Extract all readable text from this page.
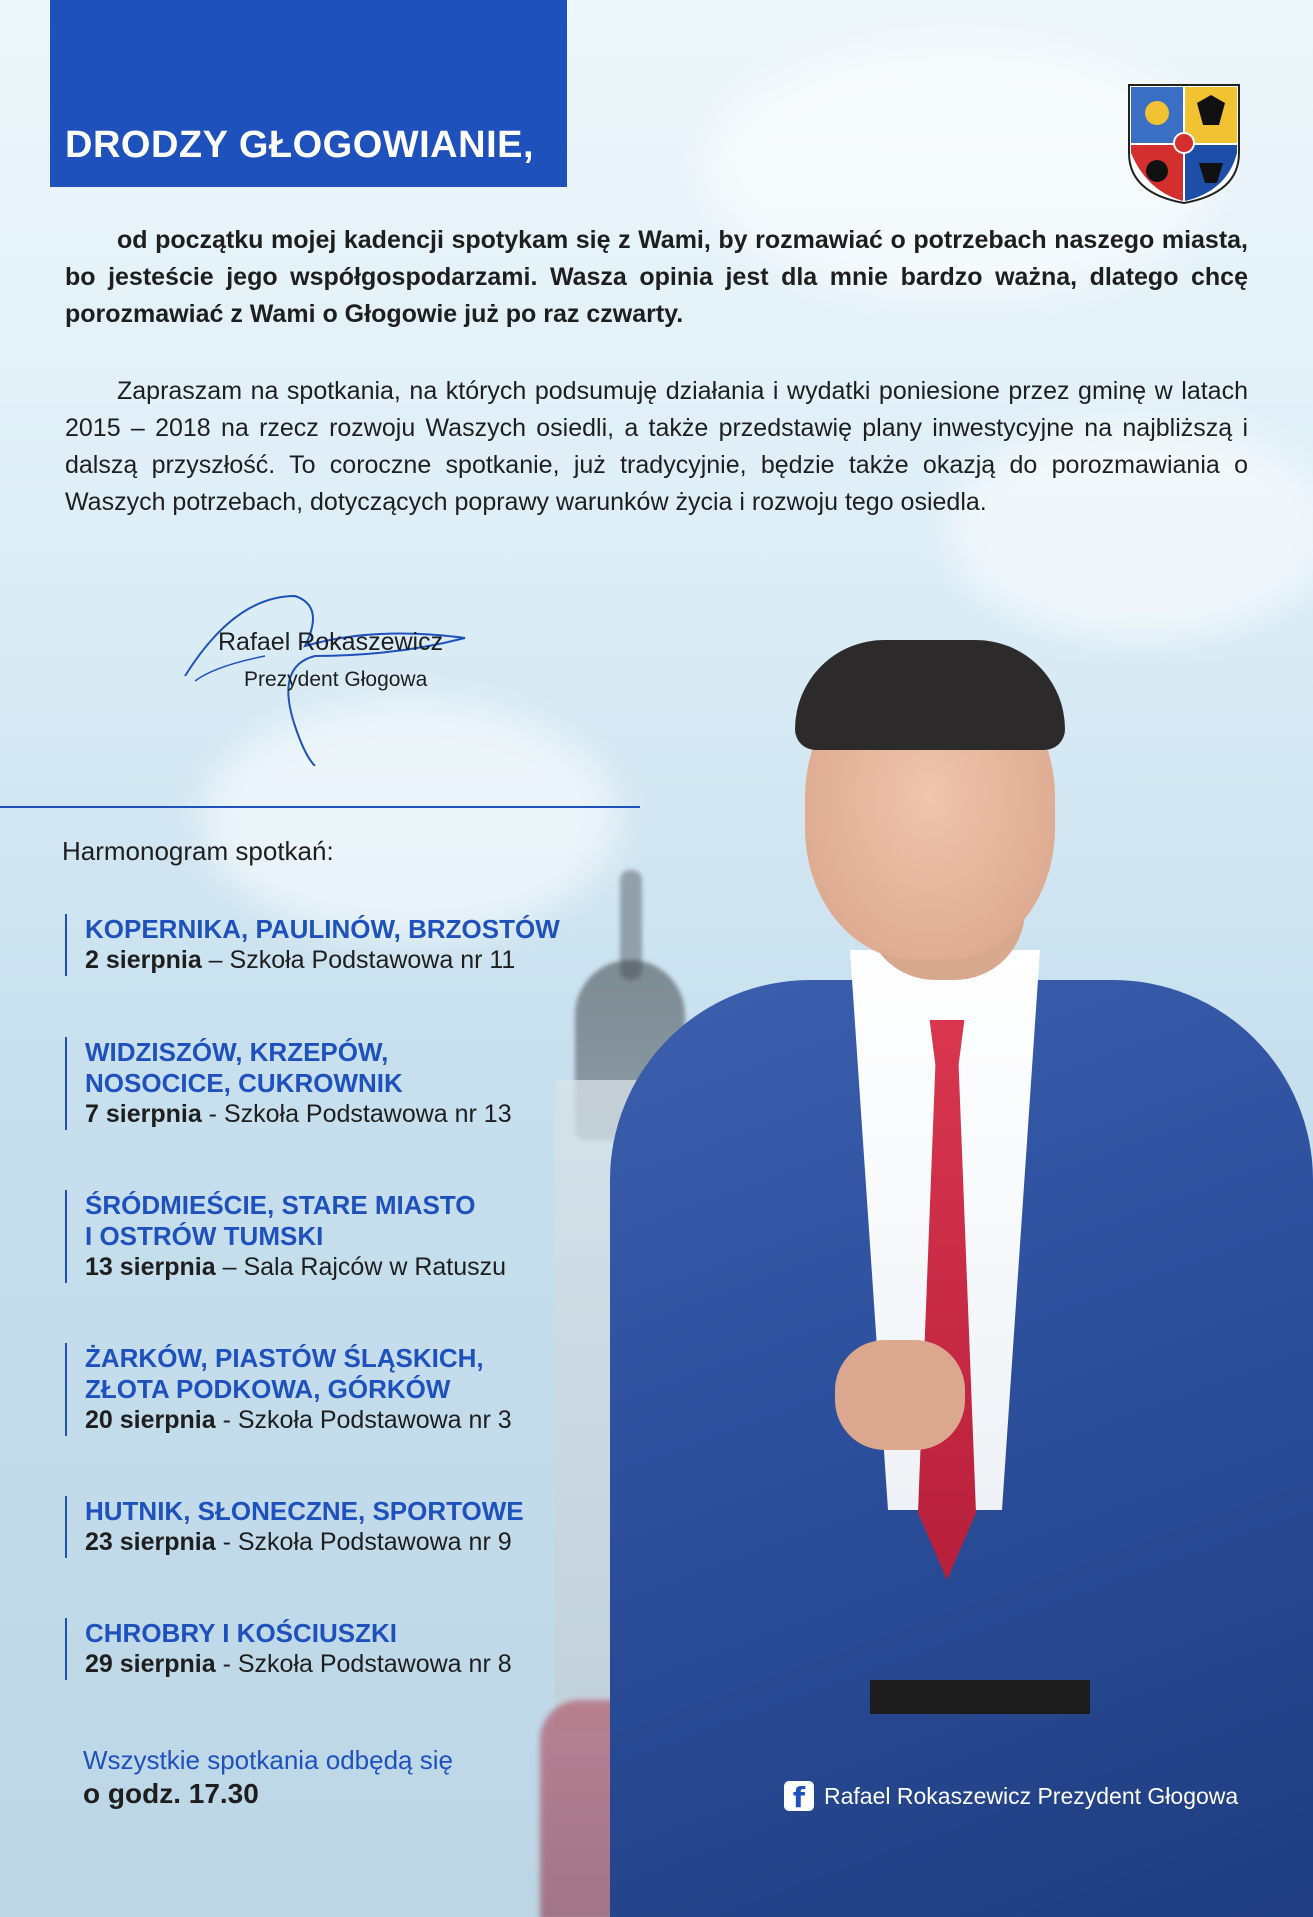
DRODZY GŁOGOWIANIE,

od początku mojej kadencji spotykam się z Wami, by rozmawiać o potrzebach naszego miasta, bo jesteście jego współgospodarzami. Wasza opinia jest dla mnie bardzo ważna, dlatego chcę porozmawiać z Wami o Głogowie już po raz czwarty.

Zapraszam na spotkania, na których podsumuję działania i wydatki poniesione przez gminę w latach 2015 – 2018 na rzecz rozwoju Waszych osiedli, a także przedstawię plany inwestycyjne na najbliższą i dalszą przyszłość. To coroczne spotkanie, już tradycyjnie, będzie także okazją do porozmawiania o Waszych potrzebach, dotyczących poprawy warunków życia i rozwoju tego osiedla.

Rafael Rokaszewicz
Prezydent Głogowa
Harmonogram spotkań:
KOPERNIKA, PAULINÓW, BRZOSTÓW
2 sierpnia – Szkoła Podstawowa nr 11
WIDZISZÓW, KRZEPÓW,
NOSOCICE, CUKROWNIK
7 sierpnia - Szkoła Podstawowa nr 13
ŚRÓDMIEŚCIE, STARE MIASTO
I OSTRÓW TUMSKI
13 sierpnia – Sala Rajców w Ratuszu
ŻARKÓW, PIASTÓW ŚLĄSKICH,
ZŁOTA PODKOWA, GÓRKÓW
20 sierpnia - Szkoła Podstawowa nr 3
HUTNIK, SŁONECZNE, SPORTOWE
23 sierpnia - Szkoła Podstawowa nr 9
CHROBRY I KOŚCIUSZKI
29 sierpnia - Szkoła Podstawowa nr 8
Wszystkie spotkania odbędą się
o godz. 17.30	f Rafael Rokaszewicz Prezydent Głogowa
